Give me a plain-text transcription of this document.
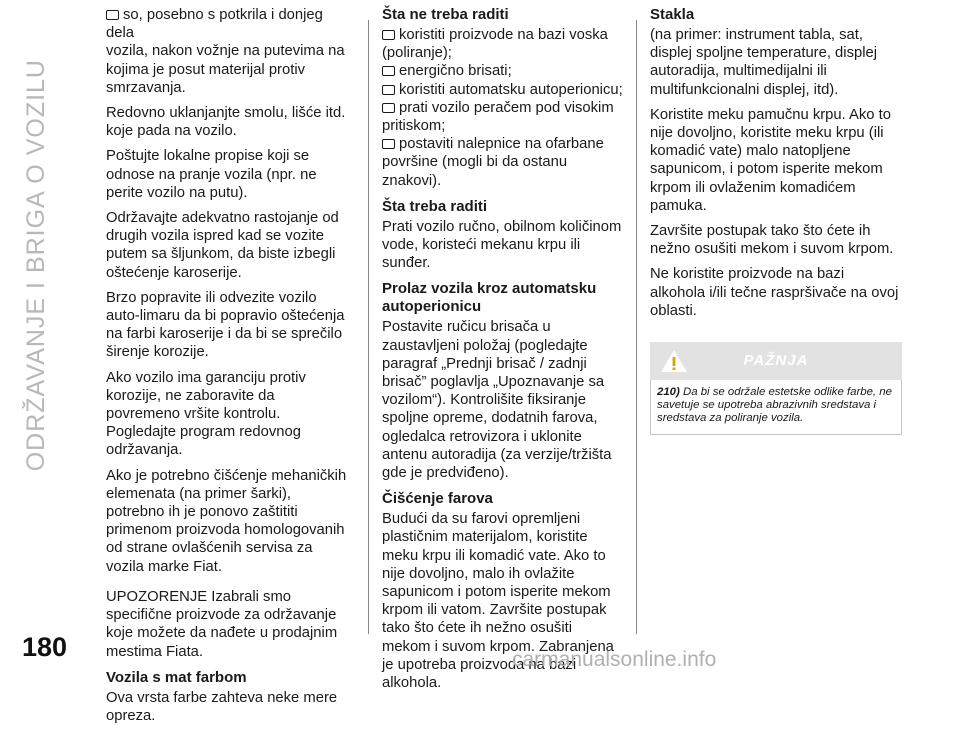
ODRŽAVANJE I BRIGA O VOZILU

so, posebno s potkrila i donjeg dela

vozila, nakon vožnje na putevima na kojima je posut materijal protiv smrzavanja.

Redovno uklanjanjte smolu, lišće itd. koje pada na vozilo.

Poštujte lokalne propise koji se odnose na pranje vozila (npr. ne perite vozilo na putu).

Održavajte adekvatno rastojanje od drugih vozila ispred kad se vozite putem sa šljunkom, da biste izbegli oštećenje karoserije.

Brzo popravite ili odvezite vozilo auto-limaru da bi popravio oštećenja na farbi karoserije i da bi se sprečilo širenje korozije.

Ako vozilo ima garanciju protiv korozije, ne zaboravite da povremeno vršite kontrolu. Pogledajte program redovnog održavanja.

Ako je potrebno čišćenje mehaničkih elemenata (na primer šarki), potrebno ih je ponovo zaštititi primenom proizvoda homologovanih od strane ovlašćenih servisa za vozila marke Fiat.

UPOZORENJE Izabrali smo specifične proizvode za održavanje koje možete da nađete u prodajnim mestima Fiata.

Vozila s mat farbom

Ova vrsta farbe zahteva neke mere opreza.

Šta ne treba raditi

koristiti proizvode na bazi voska

(poliranje);

energično brisati;

koristiti automatsku autoperionicu;

prati vozilo peračem pod visokim

pritiskom;

postaviti nalepnice na ofarbane

površine (mogli bi da ostanu znakovi).

Šta treba raditi

Prati vozilo ručno, obilnom količinom vode, koristeći mekanu krpu ili sunđer.

Prolaz vozila kroz automatsku autoperionicu

Postavite ručicu brisača u zaustavljeni položaj (pogledajte paragraf „Prednji brisač / zadnji brisač” poglavlja „Upoznavanje sa vozilom“). Kontrolišite fiksiranje spoljne opreme, dodatnih farova, ogledalca retrovizora i uklonite antenu autoradija (za verzije/tržišta gde je predviđeno).

Čišćenje farova

Budući da su farovi opremljeni plastičnim materijalom, koristite meku krpu ili komadić vate. Ako to nije dovoljno, malo ih ovlažite sapunicom i potom isperite mekom krpom ili vatom. Završite postupak tako što ćete ih nežno osušiti mekom i suvom krpom. Zabranjena je upotreba proizvoda na bazi alkohola.

Stakla

(na primer: instrument tabla, sat, displej spoljne temperature, displej autoradija, multimedijalni ili multifunkcionalni displej, itd).

Koristite meku pamučnu krpu. Ako to nije dovoljno, koristite meku krpu (ili komadić vate) malo natopljene sapunicom, i potom isperite mekom krpom ili ovlaženim komadićem pamuka.

Završite postupak tako što ćete ih nežno osušiti mekom i suvom krpom.

Ne koristite proizvode na bazi alkohola i/ili tečne raspršivače na ovoj oblasti.

PAŽNJA
210) Da bi se održale estetske odlike farbe, ne savetuje se upotreba abrazivnih sredstava i sredstava za poliranje vozila.
180	carmanualsonline.info
